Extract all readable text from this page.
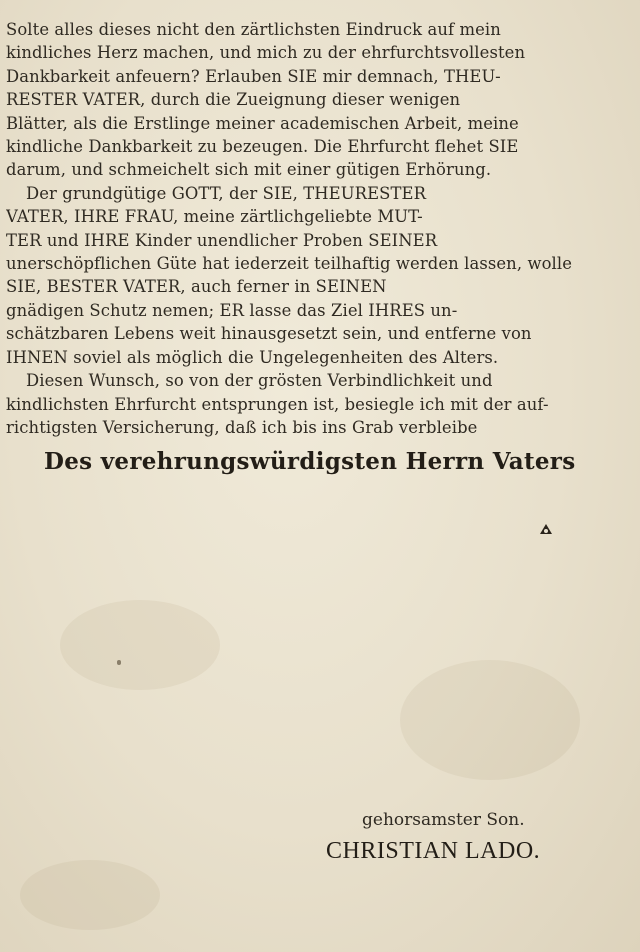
Solte alles dieses nicht den zärtlichsten Eindruck auf mein
kindliches Herz machen, und mich zu der ehrfurchtsvollesten
Dankbarkeit anfeuern? Erlauben SIE mir demnach, THEU-
RESTER VATER, durch die Zueignung dieser wenigen
Blätter, als die Erstlinge meiner academischen Arbeit, meine
kindliche Dankbarkeit zu bezeugen. Die Ehrfurcht flehet SIE
darum, und schmeichelt sich mit einer gütigen Erhörung.
Der grundgütige GOTT, der SIE, THEURESTER
VATER, IHRE FRAU, meine zärtlichgeliebte MUT-
TER und IHRE Kinder unendlicher Proben SEINER
unerschöpflichen Güte hat iederzeit teilhaftig werden lassen, wolle
SIE, BESTER VATER, auch ferner in SEINEN
gnädigen Schutz nemen; ER lasse das Ziel IHRES un-
schätzbaren Lebens weit hinausgesetzt sein, und entferne von
IHNEN soviel als möglich die Ungelegenheiten des Alters.
Diesen Wunsch, so von der grösten Verbindlichkeit und
kindlichsten Ehrfurcht entsprungen ist, besiegle ich mit der auf-
richtigsten Versicherung, daß ich bis ins Grab verbleibe
Des verehrungswürdigsten Herrn Vaters
gehorsamster Son.
CHRISTIAN LADO.
